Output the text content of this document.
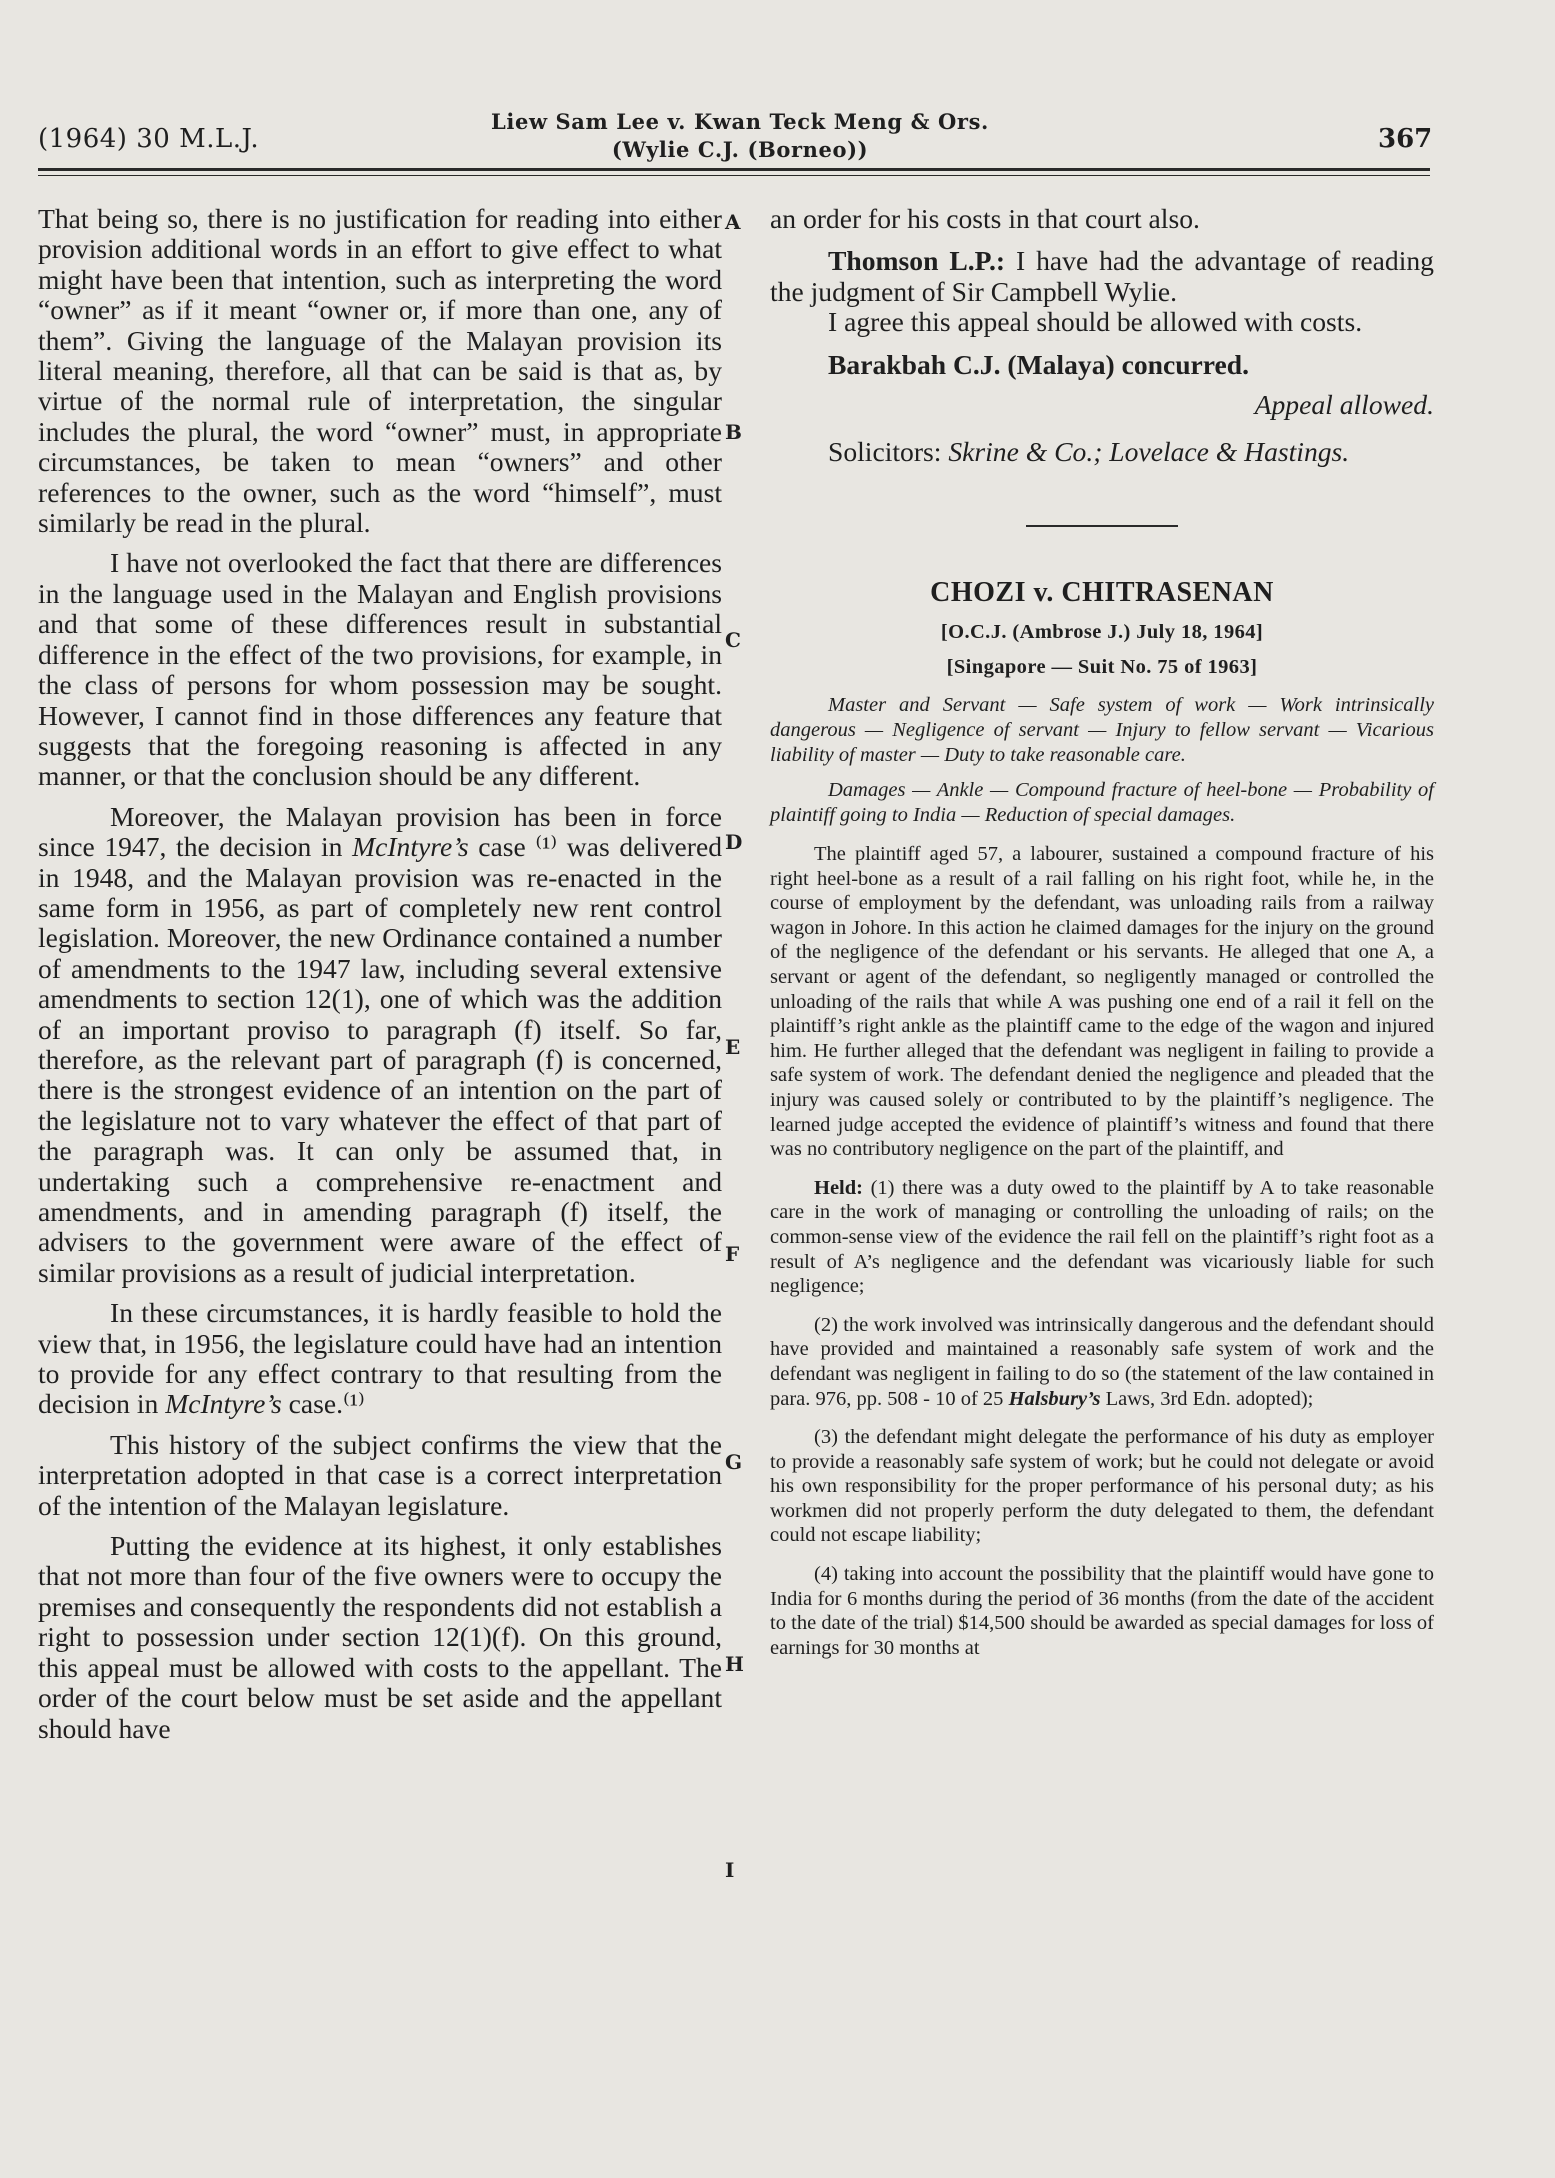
(1964) 30 M.L.J.
Liew Sam Lee v. Kwan Teck Meng & Ors.
(Wylie C.J. (Borneo))	367
A
B
C
D
E
F
G
H
I

That being so, there is no justification for reading into either provision additional words in an effort to give effect to what might have been that intention, such as interpreting the word “owner” as if it meant “owner or, if more than one, any of them”. Giving the language of the Malayan provision its literal meaning, therefore, all that can be said is that as, by virtue of the normal rule of interpretation, the singular includes the plural, the word “owner” must, in appropriate circumstances, be taken to mean “owners” and other references to the owner, such as the word “himself”, must similarly be read in the plural.

I have not overlooked the fact that there are differences in the language used in the Malayan and English provisions and that some of these differences result in substantial difference in the effect of the two provisions, for example, in the class of persons for whom possession may be sought. However, I cannot find in those differences any feature that suggests that the foregoing reasoning is affected in any manner, or that the conclusion should be any different.

Moreover, the Malayan provision has been in force since 1947, the decision in McIntyre’s case ⁽¹⁾ was delivered in 1948, and the Malayan provision was re-enacted in the same form in 1956, as part of completely new rent control legislation. Moreover, the new Ordinance contained a number of amendments to the 1947 law, including several extensive amendments to section 12(1), one of which was the addition of an important proviso to paragraph (f) itself. So far, therefore, as the relevant part of paragraph (f) is concerned, there is the strongest evidence of an intention on the part of the legislature not to vary whatever the effect of that part of the paragraph was. It can only be assumed that, in undertaking such a comprehensive re-enactment and amendments, and in amending paragraph (f) itself, the advisers to the government were aware of the effect of similar provisions as a result of judicial interpretation.

In these circumstances, it is hardly feasible to hold the view that, in 1956, the legislature could have had an intention to provide for any effect contrary to that resulting from the decision in McIntyre’s case.⁽¹⁾

This history of the subject confirms the view that the interpretation adopted in that case is a correct interpretation of the intention of the Malayan legislature.

Putting the evidence at its highest, it only establishes that not more than four of the five owners were to occupy the premises and consequently the respondents did not establish a right to possession under section 12(1)(f). On this ground, this appeal must be allowed with costs to the appellant. The order of the court below must be set aside and the appellant should have

an order for his costs in that court also.

Thomson L.P.: I have had the advantage of reading the judgment of Sir Campbell Wylie.

I agree this appeal should be allowed with costs.

Barakbah C.J. (Malaya) concurred.

Appeal allowed.

Solicitors: Skrine & Co.; Lovelace & Hastings.

CHOZI v. CHITRASENAN
[O.C.J. (Ambrose J.) July 18, 1964]
[Singapore — Suit No. 75 of 1963]

Master and Servant — Safe system of work — Work intrinsically dangerous — Negligence of servant — Injury to fellow servant — Vicarious liability of master — Duty to take reasonable care.

Damages — Ankle — Compound fracture of heel-bone — Probability of plaintiff going to India — Reduction of special damages.

The plaintiff aged 57, a labourer, sustained a compound fracture of his right heel-bone as a result of a rail falling on his right foot, while he, in the course of employment by the defendant, was unloading rails from a railway wagon in Johore. In this action he claimed damages for the injury on the ground of the negligence of the defendant or his servants. He alleged that one A, a servant or agent of the defendant, so negligently managed or controlled the unloading of the rails that while A was pushing one end of a rail it fell on the plaintiff’s right ankle as the plaintiff came to the edge of the wagon and injured him. He further alleged that the defendant was negligent in failing to provide a safe system of work. The defendant denied the negligence and pleaded that the injury was caused solely or contributed to by the plaintiff’s negligence. The learned judge accepted the evidence of plaintiff’s witness and found that there was no contributory negligence on the part of the plaintiff, and

Held: (1) there was a duty owed to the plaintiff by A to take reasonable care in the work of managing or controlling the unloading of rails; on the common-sense view of the evidence the rail fell on the plaintiff’s right foot as a result of A’s negligence and the defendant was vicariously liable for such negligence;

(2) the work involved was intrinsically dangerous and the defendant should have provided and maintained a reasonably safe system of work and the defendant was negligent in failing to do so (the statement of the law contained in para. 976, pp. 508 - 10 of 25 Halsbury’s Laws, 3rd Edn. adopted);

(3) the defendant might delegate the performance of his duty as employer to provide a reasonably safe system of work; but he could not delegate or avoid his own responsibility for the proper performance of his personal duty; as his workmen did not properly perform the duty delegated to them, the defendant could not escape liability;

(4) taking into account the possibility that the plaintiff would have gone to India for 6 months during the period of 36 months (from the date of the accident to the date of the trial) $14,500 should be awarded as special damages for loss of earnings for 30 months at
